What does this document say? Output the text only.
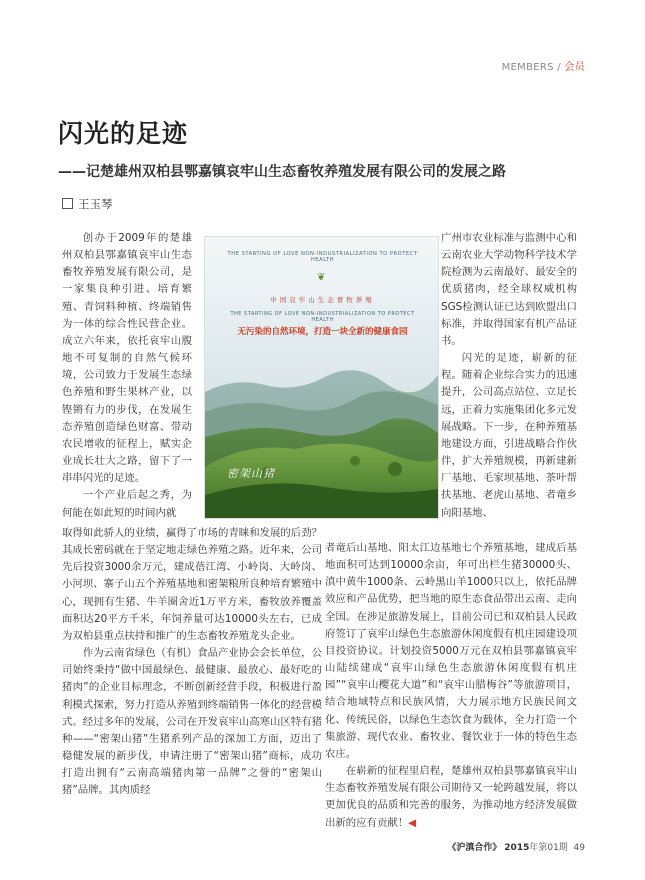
MEMBERS / 会员
闪光的足迹
——记楚雄州双柏县鄂嘉镇哀牢山生态畜牧养殖发展有限公司的发展之路
王玉琴

创办于2009年的楚雄州双柏县鄂嘉镇哀牢山生态畜牧养殖发展有限公司，是一家集良种引进、培育繁殖、青饲料种植、终端销售为一体的综合性民营企业。成立六年来，依托哀牢山腹地不可复制的自然气候环境，公司致力于发展生态绿色养殖和野生果林产业，以铿锵有力的步伐，在发展生态养殖创造绿色财富、带动农民增收的征程上，赋实企业成长壮大之路，留下了一串串闪光的足迹。
一个产业后起之秀，为何能在如此短的时间内就

THE STARTING OF LOVE NON-INDUSTRIALIZATION TO PROTECT HEALTH
❦
中国哀牢山生态畜牧养殖
THE STARTING OF LOVE NON-INDUSTRIALIZATION TO PROTECT HEALTH
无污染的自然环境，打造一块全新的健康食园
密架山猪

取得如此骄人的业绩，赢得了市场的青睐和发展的后劲？其成长密码就在于坚定地走绿色养殖之路。近年来，公司先后投资3000余万元，建成蓓江湾、小岭岗、大岭岗、小河坝、寨子山五个养殖基地和密架粮所良种培育繁殖中心，现拥有生猪、牛羊圈舍近1万平方米，畜牧放养覆盖面积达20平方千米，年饲养量可达10000头左右，已成为双柏县重点扶持和推广的生态畜牧养殖龙头企业。
作为云南省绿色（有机）食品产业协会会长单位，公司始终秉持“做中国最绿色、最健康、最放心、最好吃的猪肉”的企业目标理念，不断创新经营手段，积极进行盈利模式探索，努力打造从养殖到终端销售一体化的经营模式。经过多年的发展，公司在开发哀牢山高寒山区特有猪种——“密架山猪”生猪系列产品的深加工方面，迈出了稳健发展的新步伐，申请注册了“密架山猪”商标，成功打造出拥有“云南高端猪肉第一品牌”之誉的“密架山猪”品牌。其肉质经

广州市农业标准与监测中心和云南农业大学动物科学技术学院检测为云南最好、最安全的优质猪肉，经全球权威机构SGS检测认证已达到欧盟出口标准，并取得国家有机产品证书。
闪光的足迹，崭新的征程。随着企业综合实力的迅速提升，公司高点站位、立足长远，正着力实施集团化多元发展战略。下一步，在种养殖基地建设方面，引进战略合作伙伴，扩大养殖规模，再新建新厂基地、毛家坝基地、茶叶帮扶基地、老虎山基地、者竜乡向阳基地、

者竜后山基地、阳太江边基地七个养殖基地，建成后基地面积可达到10000余亩，年可出栏生猪30000头、滇中黄牛1000条、云岭黑山羊1000只以上，依托品牌效应和产品优势，把当地的原生态食品带出云南、走向全国。在涉足旅游发展上，目前公司已和双柏县人民政府签订了哀牢山绿色生态旅游休闲度假有机庄园建设项目投资协议。计划投资5000万元在双柏县鄂嘉镇哀牢山陆续建成“哀牢山绿色生态旅游休闲度假有机庄园”“哀牢山樱花大道”和“哀牢山腊梅谷”等旅游项目，结合地域特点和民族风情，大力展示地方民族民间文化、传统民俗，以绿色生态饮食为载体，全力打造一个集旅游、现代农业、畜牧业、餐饮业于一体的特色生态农庄。
在崭新的征程里启程，楚雄州双柏县鄂嘉镇哀牢山生态畜牧养殖发展有限公司期待又一轮跨越发展，将以更加优良的品质和完善的服务，为推动地方经济发展做出新的应有贡献！◀

《沪滇合作》 2015年第01期 49
